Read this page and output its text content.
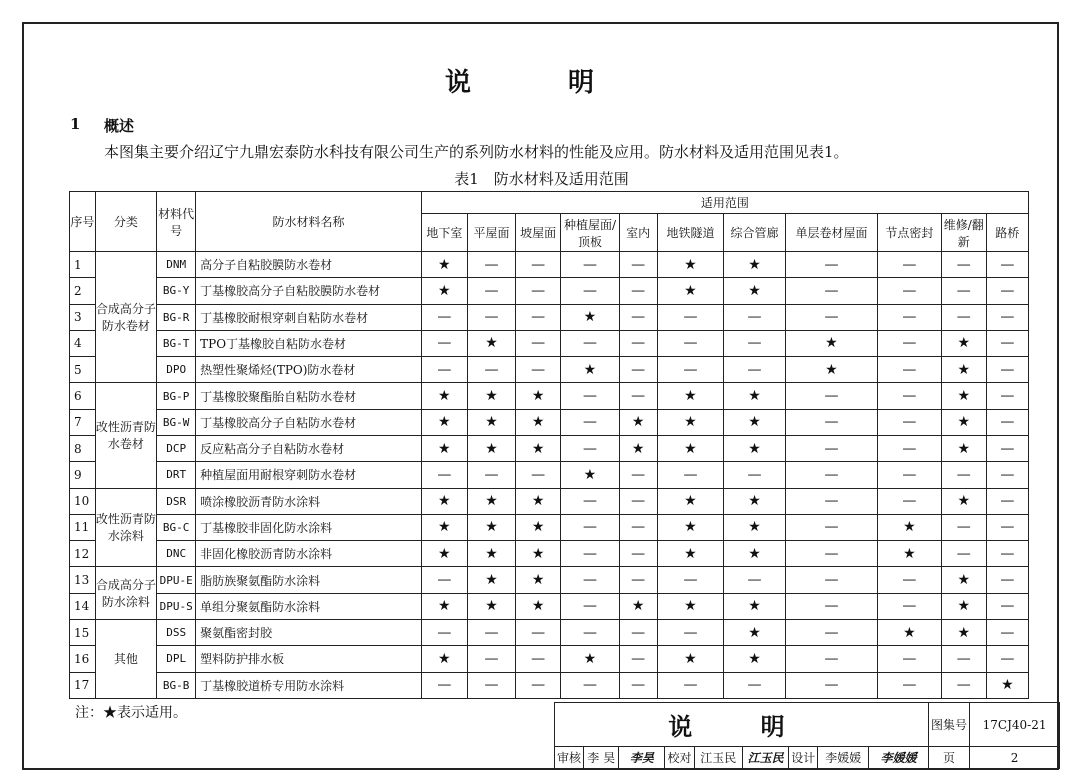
说 明
1 概述
本图集主要介绍辽宁九鼎宏泰防水科技有限公司生产的系列防水材料的性能及应用。防水材料及适用范围见表1。
表1　防水材料及适用范围
序号	分类	材料代号	防水材料名称	适用范围										
				地下室	平屋面	坡屋面	种植屋面/顶板	室内	地铁隧道	综合管廊	单层卷材屋面	节点密封	维修/翻新	路桥
1	合成高分子防水卷材	DNM	高分子自粘胶膜防水卷材	★	—	—	—	—	★	★	—	—	—	—
2		BG-Y	丁基橡胶高分子自粘胶膜防水卷材	★	—	—	—	—	★	★	—	—	—	—
3		BG-R	丁基橡胶耐根穿刺自粘防水卷材	—	—	—	★	—	—	—	—	—	—	—
4		BG-T	TPO丁基橡胶自粘防水卷材	—	★	—	—	—	—	—	★	—	★	—
5		DPO	热塑性聚烯烃(TPO)防水卷材	—	—	—	★	—	—	—	★	—	★	—
6	改性沥青防水卷材	BG-P	丁基橡胶聚酯胎自粘防水卷材	★	★	★	—	—	★	★	—	—	★	—
7		BG-W	丁基橡胶高分子自粘防水卷材	★	★	★	—	★	★	★	—	—	★	—
8		DCP	反应粘高分子自粘防水卷材	★	★	★	—	★	★	★	—	—	★	—
9		DRT	种植屋面用耐根穿刺防水卷材	—	—	—	★	—	—	—	—	—	—	—
10	改性沥青防水涂料	DSR	喷涂橡胶沥青防水涂料	★	★	★	—	—	★	★	—	—	★	—
11		BG-C	丁基橡胶非固化防水涂料	★	★	★	—	—	★	★	—	★	—	—
12		DNC	非固化橡胶沥青防水涂料	★	★	★	—	—	★	★	—	★	—	—
13	合成高分子防水涂料	DPU-E	脂肪族聚氨酯防水涂料	—	★	★	—	—	—	—	—	—	★	—
14		DPU-S	单组分聚氨酯防水涂料	★	★	★	—	★	★	★	—	—	★	—
15	其他	DSS	聚氨酯密封胶	—	—	—	—	—	—	★	—	★	★	—
16		DPL	塑料防护排水板	★	—	—	★	—	★	★	—	—	—	—
17		BG-B	丁基橡胶道桥专用防水涂料	—	—	—	—	—	—	—	—	—	—	★
注：★表示适用。	说 明									图集号	17CJ40-21
审核	李 昊	李昊	校对	江玉民	江玉民	设计	李媛媛	李媛媛	页	2
